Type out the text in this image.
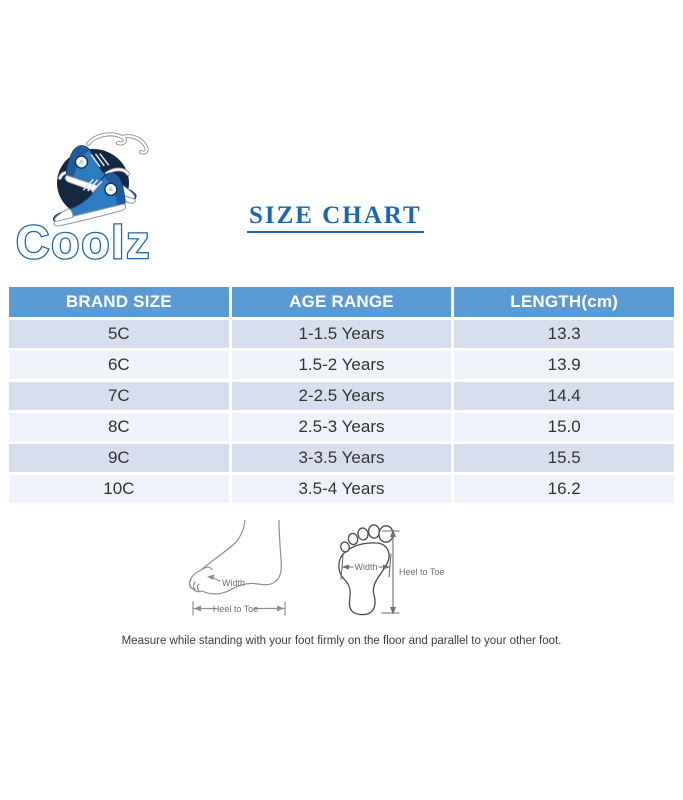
Coolz
SIZE CHART
BRAND SIZE	AGE RANGE	LENGTH(cm)
5C	1-1.5 Years	13.3
6C	1.5-2 Years	13.9
7C	2-2.5 Years	14.4
8C	2.5-3 Years	15.0
9C	3-3.5 Years	15.5
10C	3.5-4 Years	16.2
Width
Heel to Toe
Width Heel to Toe
Measure while standing with your foot firmly on the floor and parallel to your other foot.
